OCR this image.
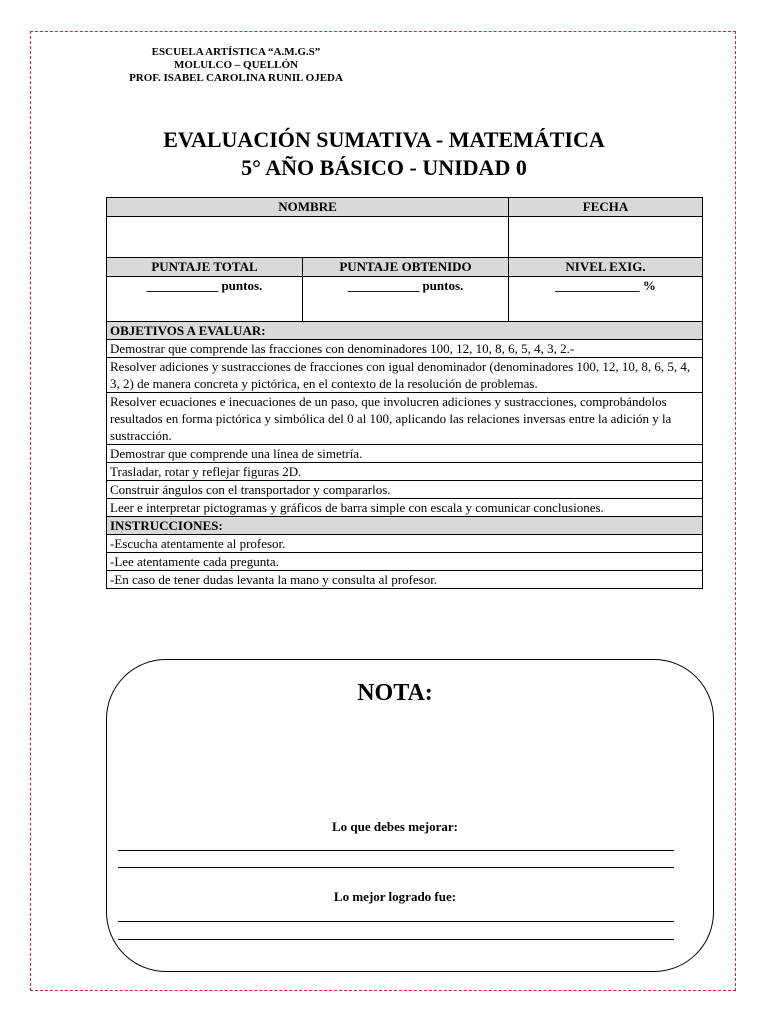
ESCUELA ARTÍSTICA “A.M.G.S”
MOLULCO – QUELLÓN
PROF. ISABEL CAROLINA RUNIL OJEDA
EVALUACIÓN SUMATIVA - MATEMÁTICA
5° AÑO BÁSICO - UNIDAD 0
NOMBRE		FECHA

PUNTAJE TOTAL	PUNTAJE OBTENIDO	NIVEL EXIG.
___________ puntos.	___________ puntos.	_____________ %
OBJETIVOS A EVALUAR:		
Demostrar que comprende las fracciones con denominadores 100, 12, 10, 8, 6, 5, 4, 3, 2.-		
Resolver adiciones y sustracciones de fracciones con igual denominador (denominadores 100, 12, 10, 8, 6, 5, 4, 3, 2) de manera concreta y pictórica, en el contexto de la resolución de problemas.		
Resolver ecuaciones e inecuaciones de un paso, que involucren adiciones y sustracciones, comprobándolos resultados en forma pictórica y simbólica del 0 al 100, aplicando las relaciones inversas entre la adición y la sustracción.		
Demostrar que comprende una línea de simetría.		
Trasladar, rotar y reflejar figuras 2D.		
Construir ángulos con el transportador y compararlos.		
Leer e interpretar pictogramas y gráficos de barra simple con escala y comunicar conclusiones.		
INSTRUCCIONES:		
-Escucha atentamente al profesor.		
-Lee atentamente cada pregunta.		
-En caso de tener dudas levanta la mano y consulta al profesor.		
NOTA:
Lo que debes mejorar:
Lo mejor logrado fue:
